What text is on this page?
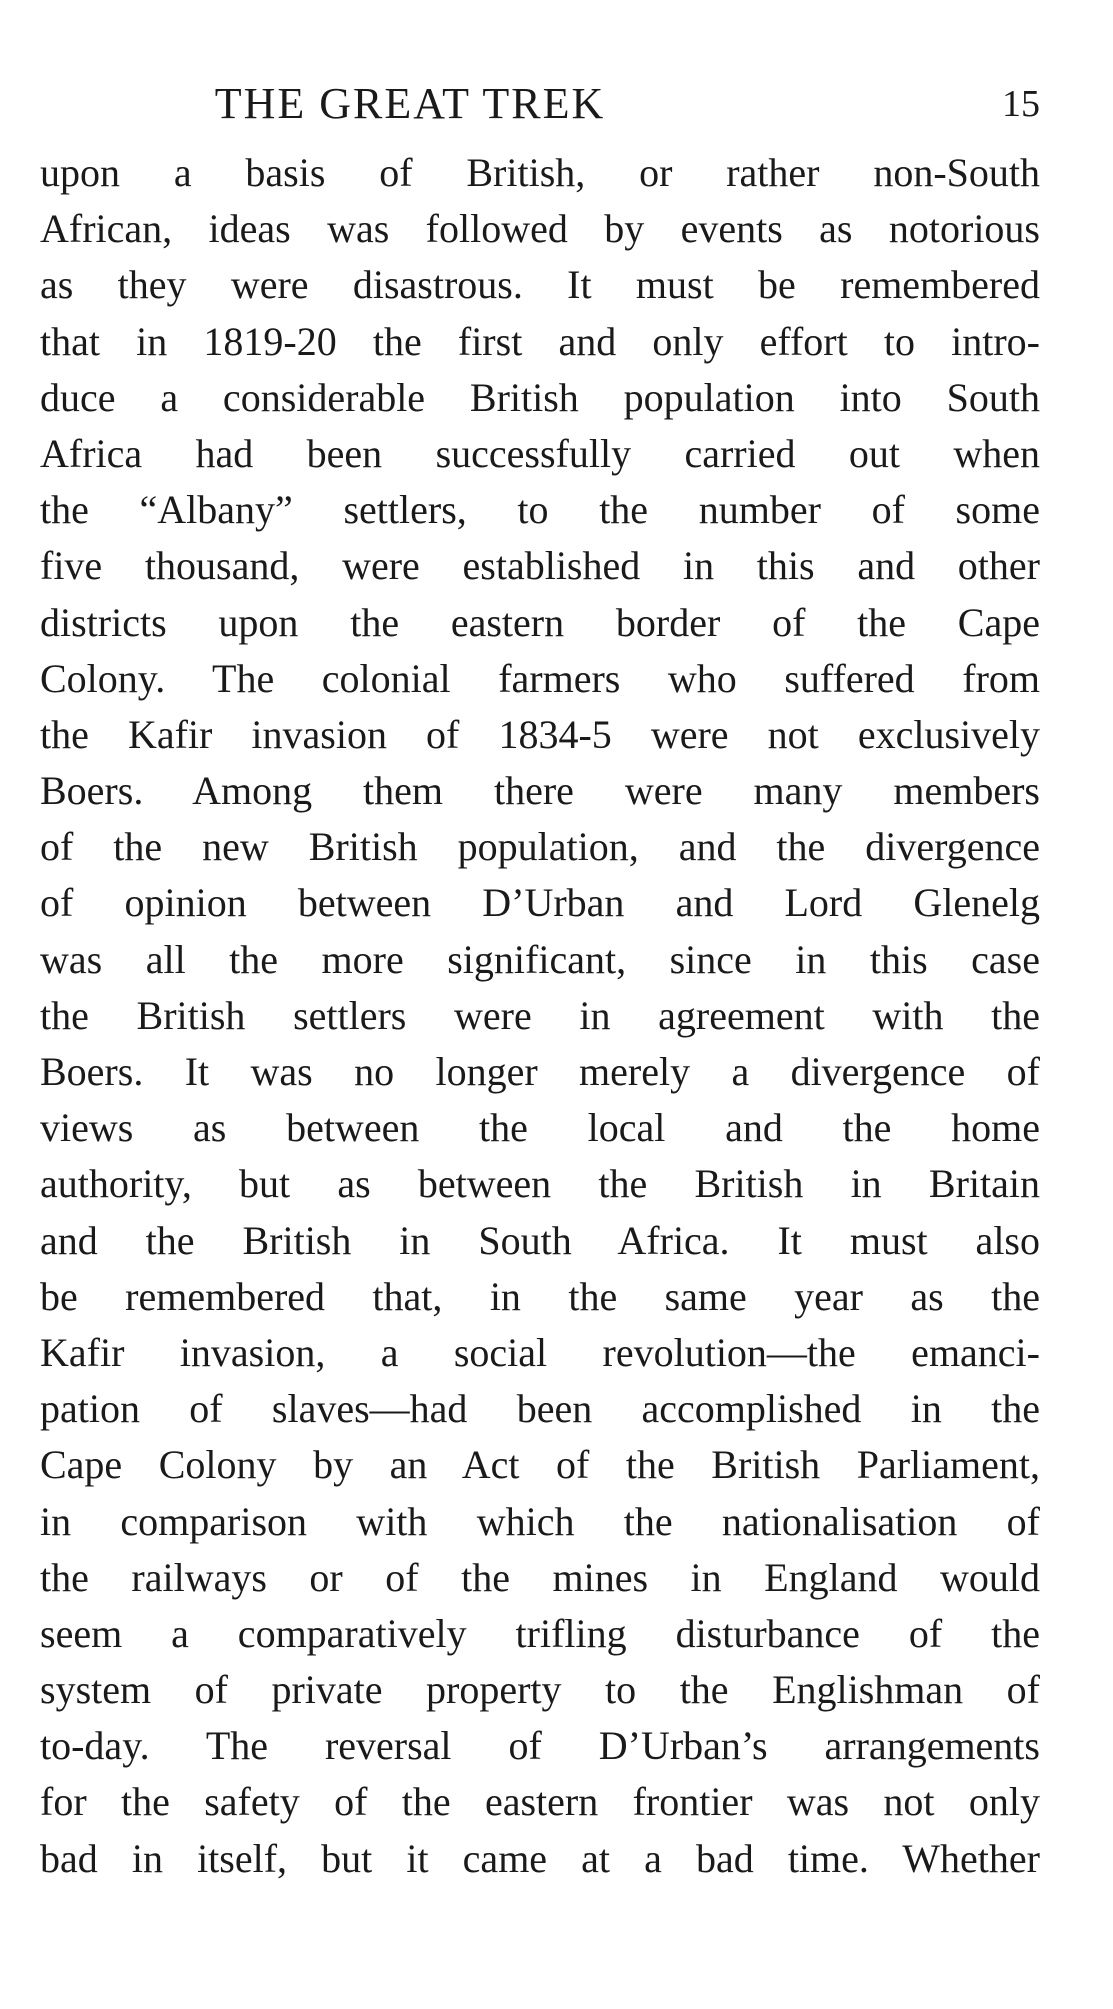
THE GREAT TREK	15
upon a basis of British, or rather non-South
African, ideas was followed by events as notorious
as they were disastrous. It must be remembered
that in 1819-20 the first and only effort to intro-
duce a considerable British population into South
Africa had been successfully carried out when
the “Albany” settlers, to the number of some
five thousand, were established in this and other
districts upon the eastern border of the Cape
Colony. The colonial farmers who suffered from
the Kafir invasion of 1834-5 were not exclusively
Boers. Among them there were many members
of the new British population, and the divergence
of opinion between D’Urban and Lord Glenelg
was all the more significant, since in this case
the British settlers were in agreement with the
Boers. It was no longer merely a divergence of
views as between the local and the home
authority, but as between the British in Britain
and the British in South Africa. It must also
be remembered that, in the same year as the
Kafir invasion, a social revolution—the emanci-
pation of slaves—had been accomplished in the
Cape Colony by an Act of the British Parliament,
in comparison with which the nationalisation of
the railways or of the mines in England would
seem a comparatively trifling disturbance of the
system of private property to the Englishman of
to-day. The reversal of D’Urban’s arrangements
for the safety of the eastern frontier was not only
bad in itself, but it came at a bad time. Whether
